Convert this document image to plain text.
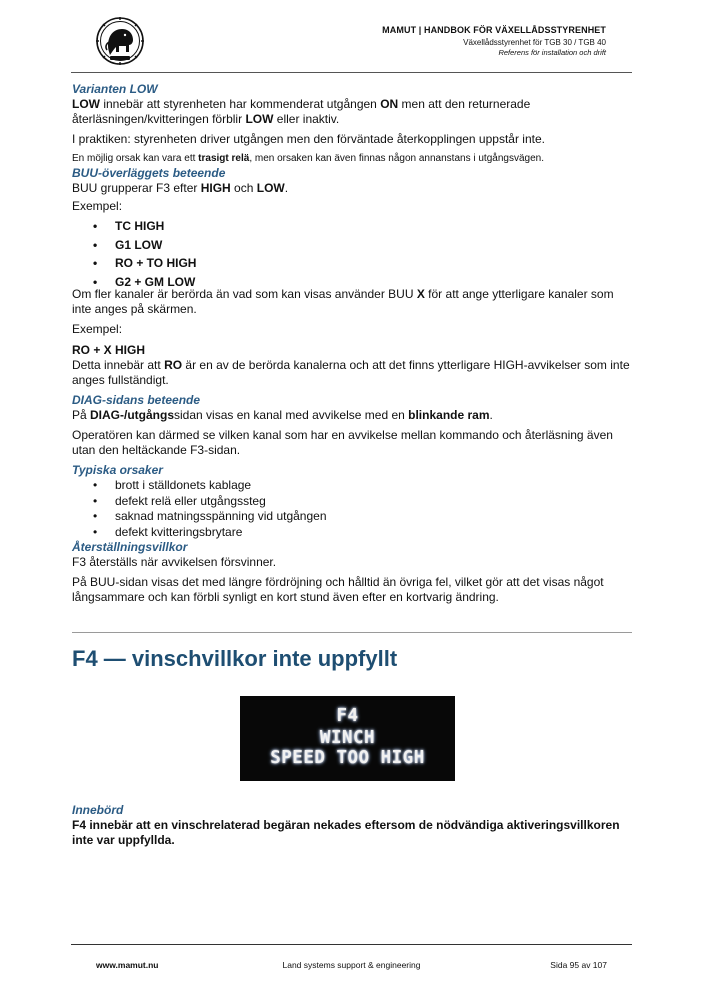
MAMUT | HANDBOK FÖR VÄXELLÅDSSTYRENHET
Växellådsstyrenhet för TGB 30 / TGB 40
Referens för installation och drift
Varianten LOW

LOW innebär att styrenheten har kommenderat utgången ON men att den returnerade återläsningen/kvitteringen förblir LOW eller inaktiv.

I praktiken: styrenheten driver utgången men den förväntade återkopplingen uppstår inte.

En möjlig orsak kan vara ett trasigt relä, men orsaken kan även finnas någon annanstans i utgångsvägen.

BUU-överläggets beteende

BUU grupperar F3 efter HIGH och LOW.

Exempel:

• TC HIGH
• G1 LOW
• RO + TO HIGH
• G2 + GM LOW

Om fler kanaler är berörda än vad som kan visas använder BUU X för att ange ytterligare kanaler som inte anges på skärmen.

Exempel:

RO + X HIGH

Detta innebär att RO är en av de berörda kanalerna och att det finns ytterligare HIGH-avvikelser som inte anges fullständigt.

DIAG-sidans beteende

På DIAG-/utgångssidan visas en kanal med avvikelse med en blinkande ram.

Operatören kan därmed se vilken kanal som har en avvikelse mellan kommando och återläsning även utan den heltäckande F3-sidan.

Typiska orsaker
• brott i ställdonets kablage
• defekt relä eller utgångssteg
• saknad matningsspänning vid utgången
• defekt kvitteringsbrytare
Återställningsvillkor

F3 återställs när avvikelsen försvinner.

På BUU-sidan visas det med längre fördröjning och hålltid än övriga fel, vilket gör att det visas något långsammare och kan förbli synligt en kort stund även efter en kortvarig ändring.

F4 — vinschvillkor inte uppfyllt
F4
WINCH
SPEED TOO HIGH
Innebörd

F4 innebär att en vinschrelaterad begäran nekades eftersom de nödvändiga aktiveringsvillkoren inte var uppfyllda.

www.mamut.nu	Land systems support & engineering	Sida 95 av 107
